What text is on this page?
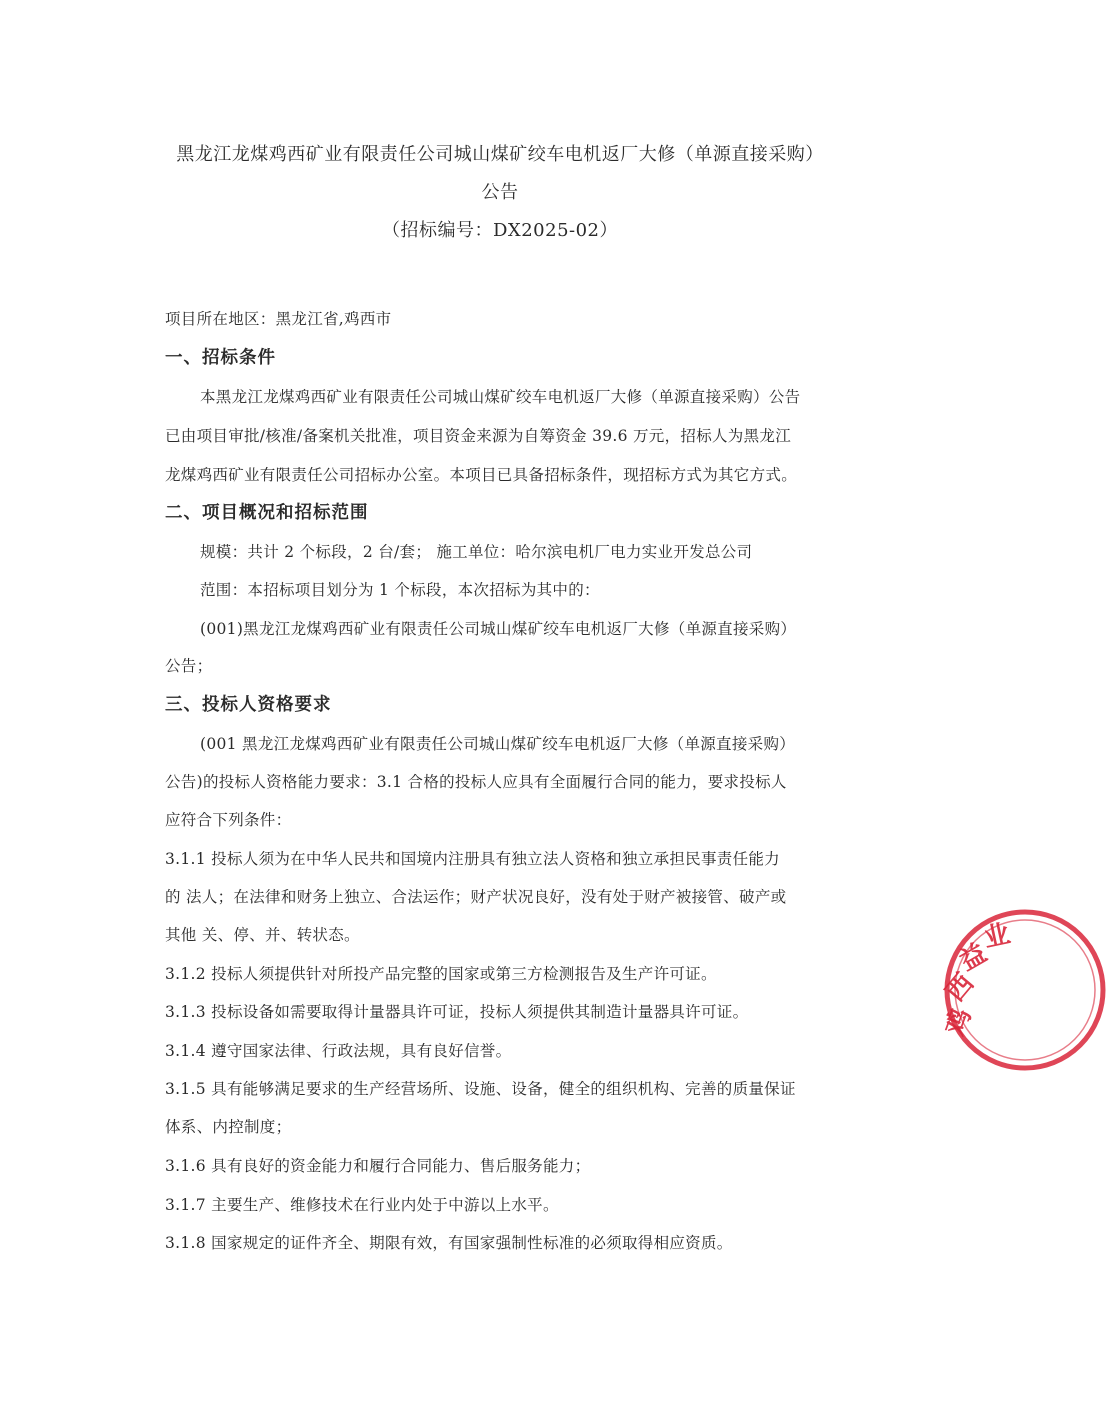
黑龙江龙煤鸡西矿业有限责任公司城山煤矿绞车电机返厂大修（单源直接采购）
公告
（招标编号：DX2025-02）
项目所在地区：黑龙江省,鸡西市
一、招标条件
本黑龙江龙煤鸡西矿业有限责任公司城山煤矿绞车电机返厂大修（单源直接采购）公告
已由项目审批/核准/备案机关批准，项目资金来源为自筹资金 39.6 万元，招标人为黑龙江
龙煤鸡西矿业有限责任公司招标办公室。本项目已具备招标条件，现招标方式为其它方式。
二、项目概况和招标范围
规模：共计 2 个标段，2 台/套； 施工单位：哈尔滨电机厂电力实业开发总公司
范围：本招标项目划分为 1 个标段，本次招标为其中的：
(001)黑龙江龙煤鸡西矿业有限责任公司城山煤矿绞车电机返厂大修（单源直接采购）
公告；
三、投标人资格要求
(001 黑龙江龙煤鸡西矿业有限责任公司城山煤矿绞车电机返厂大修（单源直接采购）
公告)的投标人资格能力要求：3.1 合格的投标人应具有全面履行合同的能力，要求投标人
应符合下列条件：
3.1.1 投标人须为在中华人民共和国境内注册具有独立法人资格和独立承担民事责任能力
的 法人；在法律和财务上独立、合法运作；财产状况良好，没有处于财产被接管、破产或
其他 关、停、并、转状态。
3.1.2 投标人须提供针对所投产品完整的国家或第三方检测报告及生产许可证。
3.1.3 投标设备如需要取得计量器具许可证，投标人须提供其制造计量器具许可证。
3.1.4 遵守国家法律、行政法规，具有良好信誉。
3.1.5 具有能够满足要求的生产经营场所、设施、设备，健全的组织机构、完善的质量保证
体系、内控制度；
3.1.6 具有良好的资金能力和履行合同能力、售后服务能力；
3.1.7 主要生产、维修技术在行业内处于中游以上水平。
3.1.8 国家规定的证件齐全、期限有效，有国家强制性标准的必须取得相应资质。
鸡
西
益
业
